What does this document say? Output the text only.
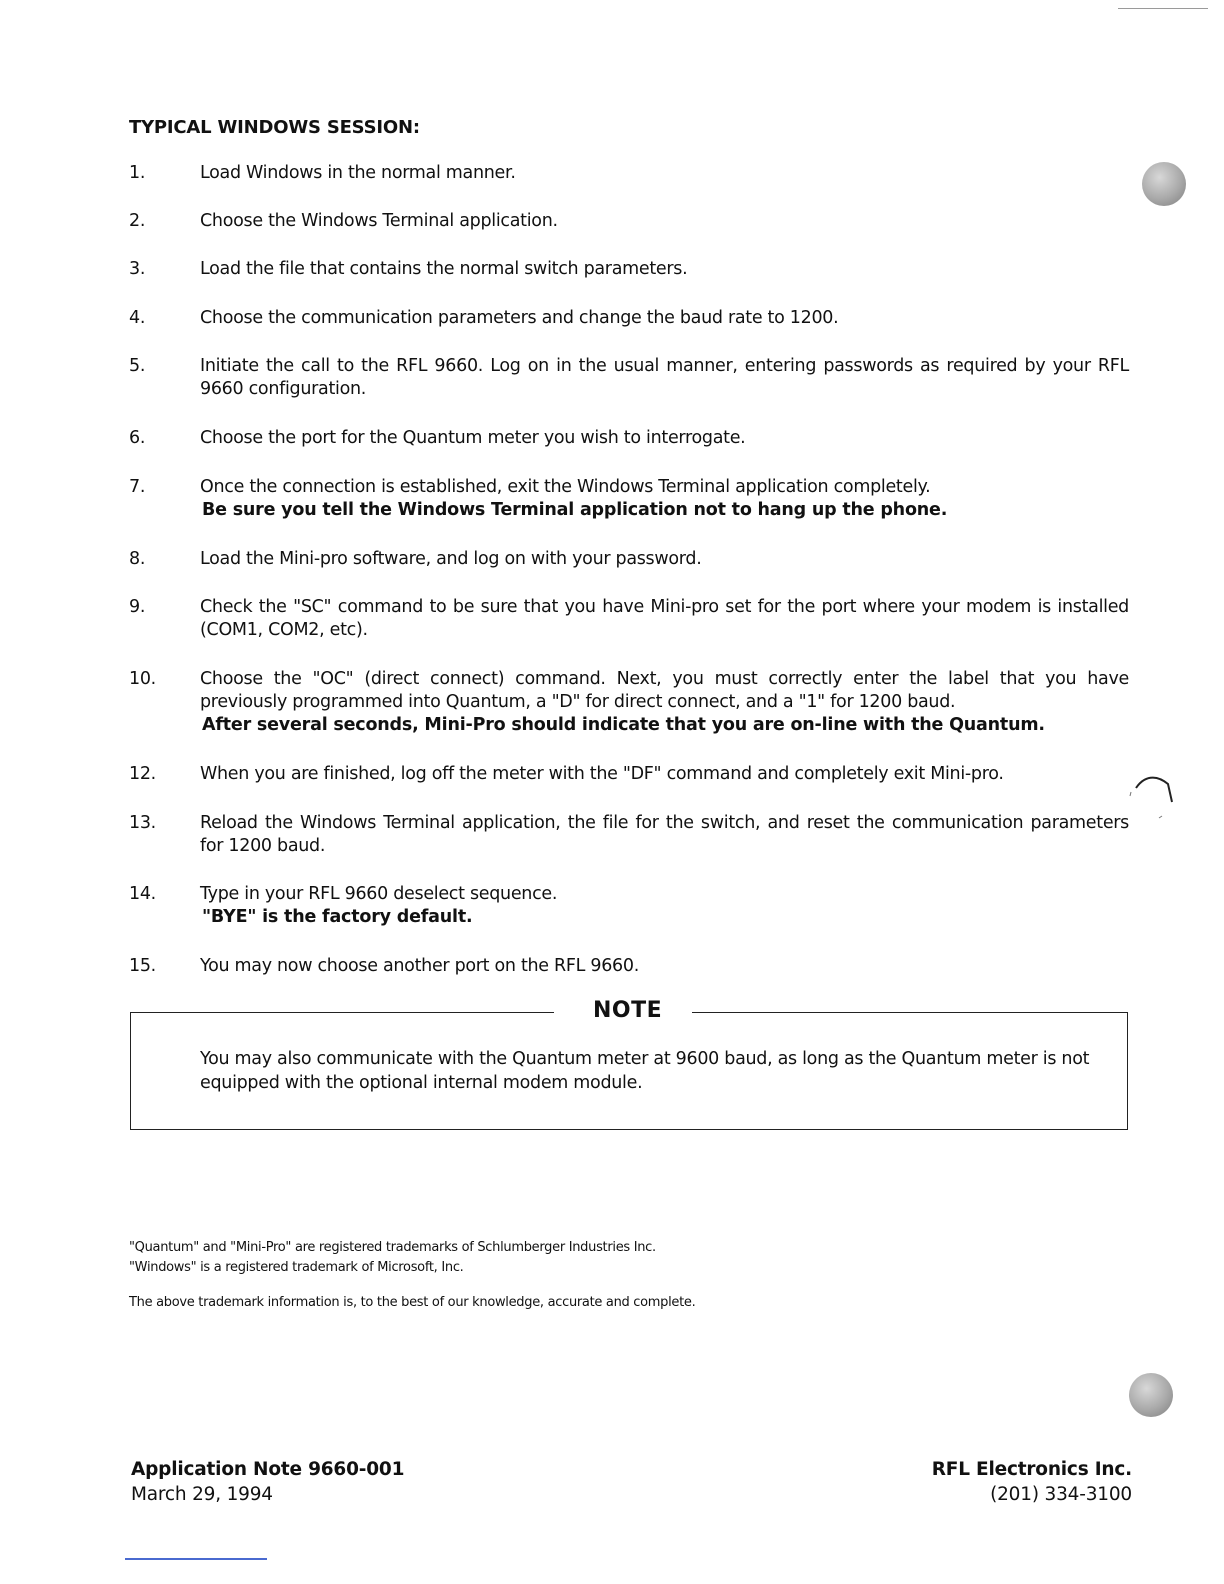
TYPICAL WINDOWS SESSION:
1.	Load Windows in the normal manner.
2.	Choose the Windows Terminal application.
3.	Load the file that contains the normal switch parameters.
4.	Choose the communication parameters and change the baud rate to 1200.
5.	Initiate the call to the RFL 9660. Log on in the usual manner, entering passwords as required by your RFL 9660 configuration.
6.	Choose the port for the Quantum meter you wish to interrogate.
7.	Once the connection is established, exit the Windows Terminal application completely.
Be sure you tell the Windows Terminal application not to hang up the phone.
8.	Load the Mini-pro software, and log on with your password.
9.	Check the "SC" command to be sure that you have Mini-pro set for the port where your modem is installed (COM1, COM2, etc).
10.	Choose the "OC" (direct connect) command. Next, you must correctly enter the label that you have previously programmed into Quantum, a "D" for direct connect, and a "1" for 1200 baud.
After several seconds, Mini-Pro should indicate that you are on-line with the Quantum.
12.	When you are finished, log off the meter with the "DF" command and completely exit Mini-pro.
13.	Reload the Windows Terminal application, the file for the switch, and reset the communication parameters for 1200 baud.
14.	Type in your RFL 9660 deselect sequence.
"BYE" is the factory default.
15.	You may now choose another port on the RFL 9660.
NOTE
You may also communicate with the Quantum meter at 9600 baud, as long as the Quantum meter is not equipped with the optional internal modem module.
"Quantum" and "Mini-Pro" are registered trademarks of Schlumberger Industries Inc.
"Windows" is a registered trademark of Microsoft, Inc.
The above trademark information is, to the best of our knowledge, accurate and complete.
Application Note 9660-001
March 29, 1994
RFL Electronics Inc.
(201) 334-3100
